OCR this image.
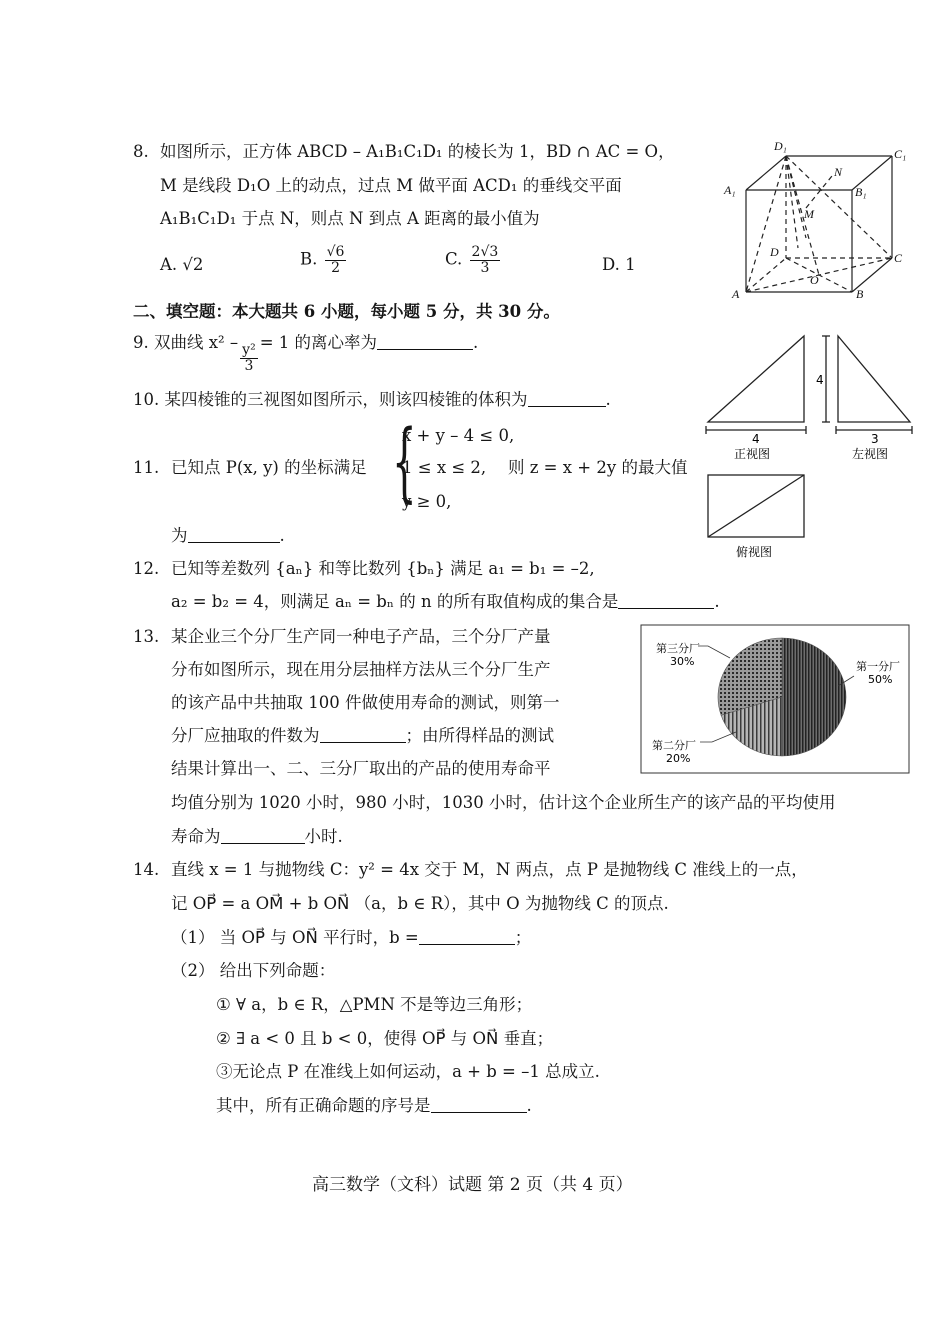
8. 如图所示，正方体 ABCD – A₁B₁C₁D₁ 的棱长为 1，BD ∩ AC = O，
M 是线段 D₁O 上的动点，过点 M 做平面 ACD₁ 的垂线交平面
A₁B₁C₁D₁ 于点 N，则点 N 到点 A 距离的最小值为
A. √2	B. $\frac{√6}{2}$	C. $\frac{2√3}{3}$	D. 1
D₁
C₁
A₁	B₁
N
M
D	C
O
A	B
二、填空题：本大题共 6 小题，每小题 5 分，共 30 分。
9. 双曲线 x² –
$\frac{\text{y²}}{3}$
= 1 的离心率为	.
10. 某四棱锥的三视图如图所示，则该四棱锥的体积为	.
4
4
正视图
3
左视图
俯视图
11. 已知点 P(x, y) 的坐标满足 {
x + y – 4 ≤ 0,
1 ≤ x ≤ 2,
y ≥ 0,
则 z = x + 2y 的最大值
为	.
12. 已知等差数列 {aₙ} 和等比数列 {bₙ} 满足 a₁ = b₁ = –2,
a₂ = b₂ = 4，则满足 aₙ = bₙ 的 n 的所有取值构成的集合是	.
13. 某企业三个分厂生产同一种电子产品，三个分厂产量
分布如图所示，现在用分层抽样方法从三个分厂生产
的该产品中共抽取 100 件做使用寿命的测试，则第一
分厂应抽取的件数为	；由所得样品的测试
结果计算出一、二、三分厂取出的产品的使用寿命平
均值分别为 1020 小时，980 小时，1030 小时，估计这个企业所生产的该产品的平均使用
寿命为	小时.
第三分厂
30%	第一分厂
50%
第二分厂
20%
14. 直线 x = 1 与抛物线 C：y² = 4x 交于 M，N 两点，点 P 是抛物线 C 准线上的一点，
记 OP⃗ = a OM⃗ + b ON⃗ （a，b ∈ R），其中 O 为抛物线 C 的顶点.
（1） 当 OP⃗ 与 ON⃗ 平行时，b =	；
（2） 给出下列命题：
① ∀ a，b ∈ R，△PMN 不是等边三角形；
② ∃ a < 0 且 b < 0，使得 OP⃗ 与 ON⃗ 垂直；
③无论点 P 在准线上如何运动，a + b = –1 总成立.
其中，所有正确命题的序号是	.
高三数学（文科）试题 第 2 页（共 4 页）
